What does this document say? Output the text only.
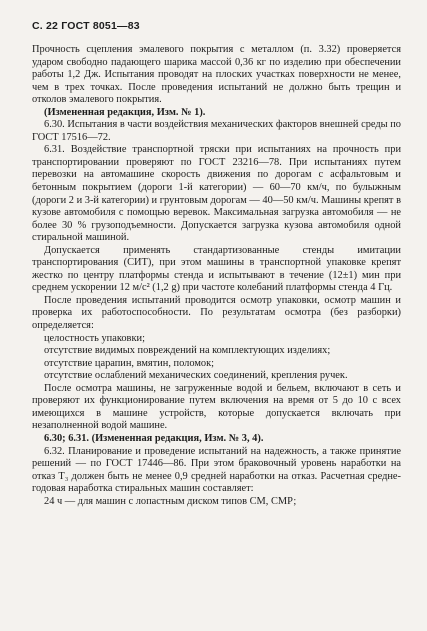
С. 22 ГОСТ 8051—83

Прочность сцепления эмалевого покрытия с металлом (п. 3.32) проверяется ударом свободно падающего шарика массой 0,36 кг по изделию при обеспечении работы 1,2 Дж. Испытания проводят на плоских участках поверхности не менее, чем в трех точках. После проведения испытаний не должно быть трещин и отколов эмалевого покрытия.

(Измененная редакция, Изм. № 1).

6.30. Испытания в части воздействия механических факторов внешней среды по ГОСТ 17516—72.

6.31. Воздействие транспортной тряски при испытаниях на прочность при транспортировании проверяют по ГОСТ 23216—78. При испытаниях путем перевозки на автомашине скорость движения по дорогам с асфальтовым и бетонным покрытием (дороги 1-й категории) — 60—70 км/ч, по булыжным (дороги 2 и 3-й категории) и грунтовым дорогам — 40—50 км/ч. Машины крепят в кузове автомобиля с помощью веревок. Максимальная загрузка автомобиля — не более 30 % грузоподъемности. Допускается загрузка кузова автомобиля одной стиральной машиной.

Допускается применять стандартизованные стенды имитации транспортирования (СИТ), при этом машины в транспортной упаковке крепят жестко по центру платформы стенда и испытывают в течение (12±1) мин при среднем ускорении 12 м/с² (1,2 g) при частоте колебаний платформы стенда 4 Гц.

После проведения испытаний проводится осмотр упаковки, осмотр машин и проверка их работоспособности. По результатам осмотра (без разборки) определяется:

целостность упаковки;

отсутствие видимых повреждений на комплектующих изделиях;

отсутствие царапин, вмятин, поломок;

отсутствие ослаблений механических соединений, крепления ручек.

После осмотра машины, не загруженные водой и бельем, включают в сеть и проверяют их функционирование путем включения на время от 5 до 10 с всех имеющихся в машине устройств, которые допускается включать при незаполненной водой машине.

6.30; 6.31. (Измененная редакция, Изм. № 3, 4).

6.32. Планирование и проведение испытаний на надежность, а также принятие решений — по ГОСТ 17446—86. При этом браковочный уровень наработки на отказ T₃ должен быть не менее 0,9 средней наработки на отказ. Расчетная среднегодовая наработка стиральных машин составляет:

24 ч — для машин с лопастным диском типов СМ, СМР;
